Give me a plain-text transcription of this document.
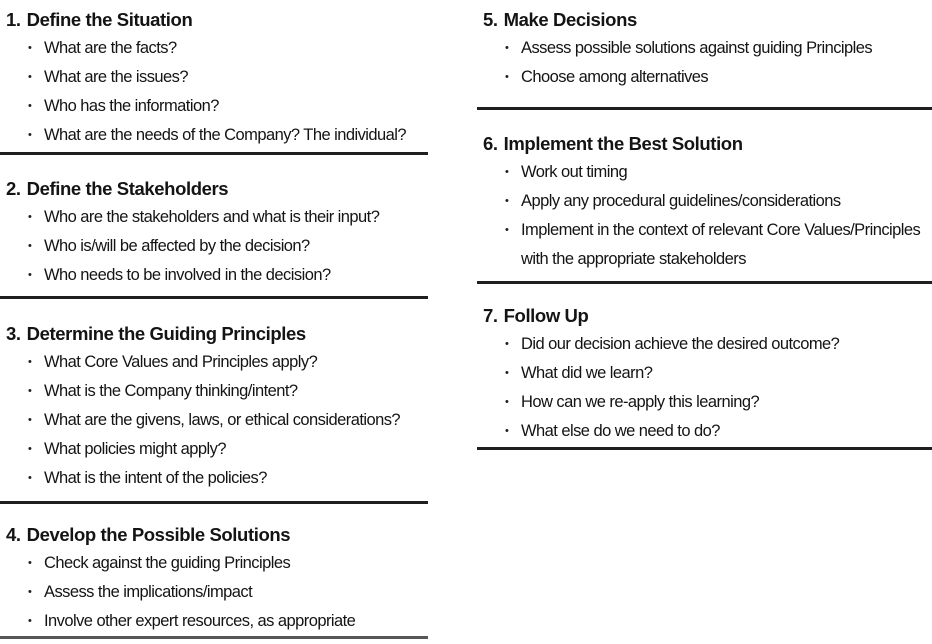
1. Define the Situation
• What are the facts?
• What are the issues?
• Who has the information?
• What are the needs of the Company? The individual?
2. Define the Stakeholders
• Who are the stakeholders and what is their input?
• Who is/will be affected by the decision?
• Who needs to be involved in the decision?
3. Determine the Guiding Principles
• What Core Values and Principles apply?
• What is the Company thinking/intent?
• What are the givens, laws, or ethical considerations?
• What policies might apply?
• What is the intent of the policies?
4. Develop the Possible Solutions
• Check against the guiding Principles
• Assess the implications/impact
• Involve other expert resources, as appropriate
5. Make Decisions
• Assess possible solutions against guiding Principles
• Choose among alternatives
6. Implement the Best Solution
• Work out timing
• Apply any procedural guidelines/considerations
• Implement in the context of relevant Core Values/Principles with the appropriate stakeholders
7. Follow Up
• Did our decision achieve the desired outcome?
• What did we learn?
• How can we re-apply this learning?
• What else do we need to do?
